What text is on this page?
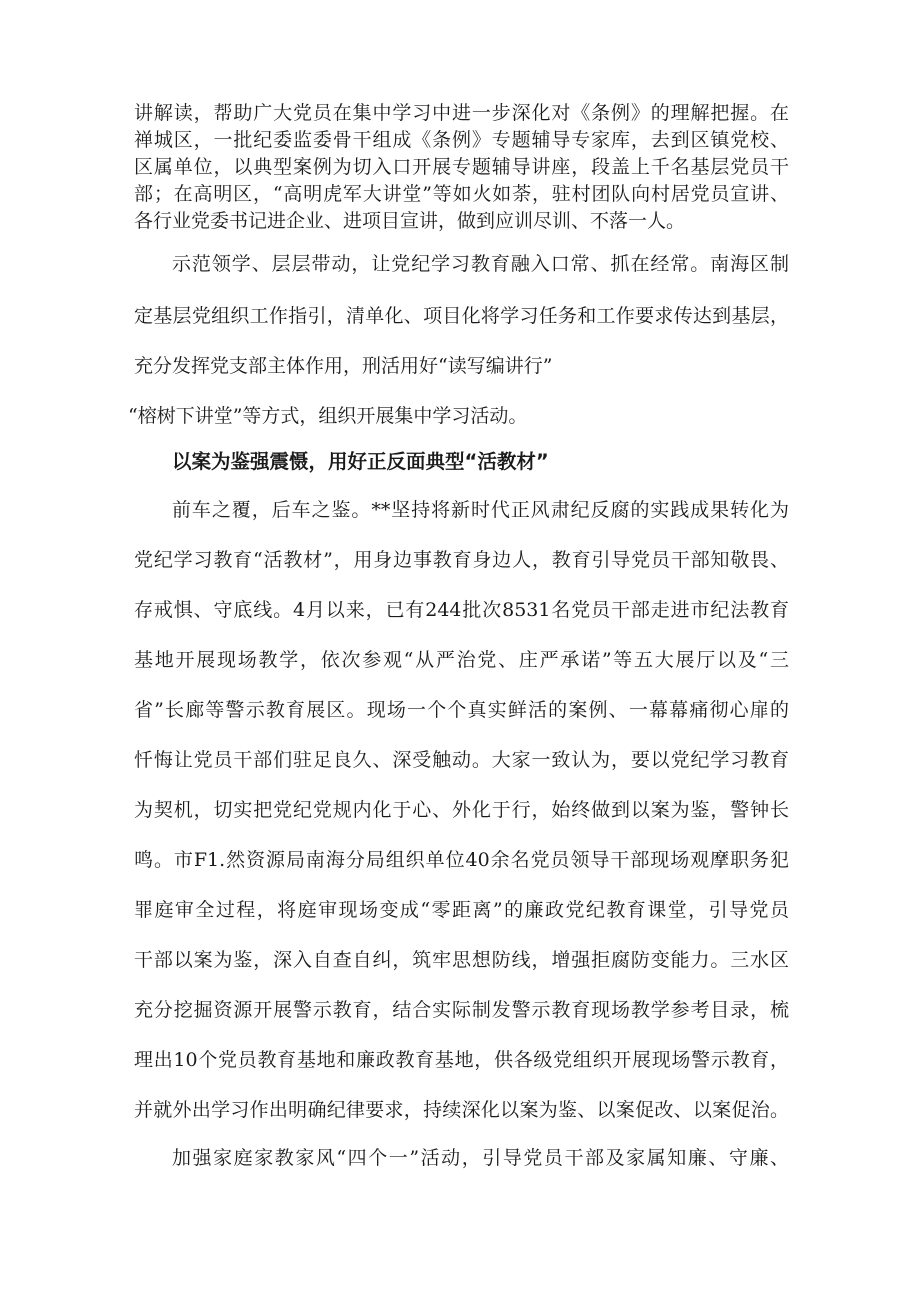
讲解读，帮助广大党员在集中学习中进一步深化对《条例》的理解把握。在
禅城区，一批纪委监委骨干组成《条例》专题辅导专家库，去到区镇党校、
区属单位，以典型案例为切入口开展专题辅导讲座，段盖上千名基层党员干
部；在高明区，“高明虎军大讲堂”等如火如荼，驻村团队向村居党员宣讲、
各行业党委书记进企业、进项目宣讲，做到应训尽训、不落一人。
示范领学、层层带动，让党纪学习教育融入口常、抓在经常。南海区制
定基层党组织工作指引，清单化、项目化将学习任务和工作要求传达到基层，
充分发挥党支部主体作用，刑活用好“读写编讲行”
“榕树下讲堂”等方式，组织开展集中学习活动。
以案为鉴强震慑，用好正反面典型“活教材”
前车之覆，后车之鉴。**坚持将新时代正风肃纪反腐的实践成果转化为
党纪学习教育“活教材”，用身边事教育身边人，教育引导党员干部知敬畏、
存戒惧、守底线。4月以来，已有244批次8531名党员干部走进市纪法教育
基地开展现场教学，依次参观“从严治党、庄严承诺”等五大展厅以及“三
省”长廊等警示教育展区。现场一个个真实鲜活的案例、一幕幕痛彻心扉的
忏悔让党员干部们驻足良久、深受触动。大家一致认为，要以党纪学习教育
为契机，切实把党纪党规内化于心、外化于行，始终做到以案为鉴，警钟长
鸣。市F1.然资源局南海分局组织单位40余名党员领导干部现场观摩职务犯
罪庭审全过程，将庭审现场变成“零距离”的廉政党纪教育课堂，引导党员
干部以案为鉴，深入自查自纠，筑牢思想防线，增强拒腐防变能力。三水区
充分挖掘资源开展警示教育，结合实际制发警示教育现场教学参考目录，梳
理出10个党员教育基地和廉政教育基地，供各级党组织开展现场警示教育，
并就外出学习作出明确纪律要求，持续深化以案为鉴、以案促改、以案促治。
加强家庭家教家风“四个一”活动，引导党员干部及家属知廉、守廉、
